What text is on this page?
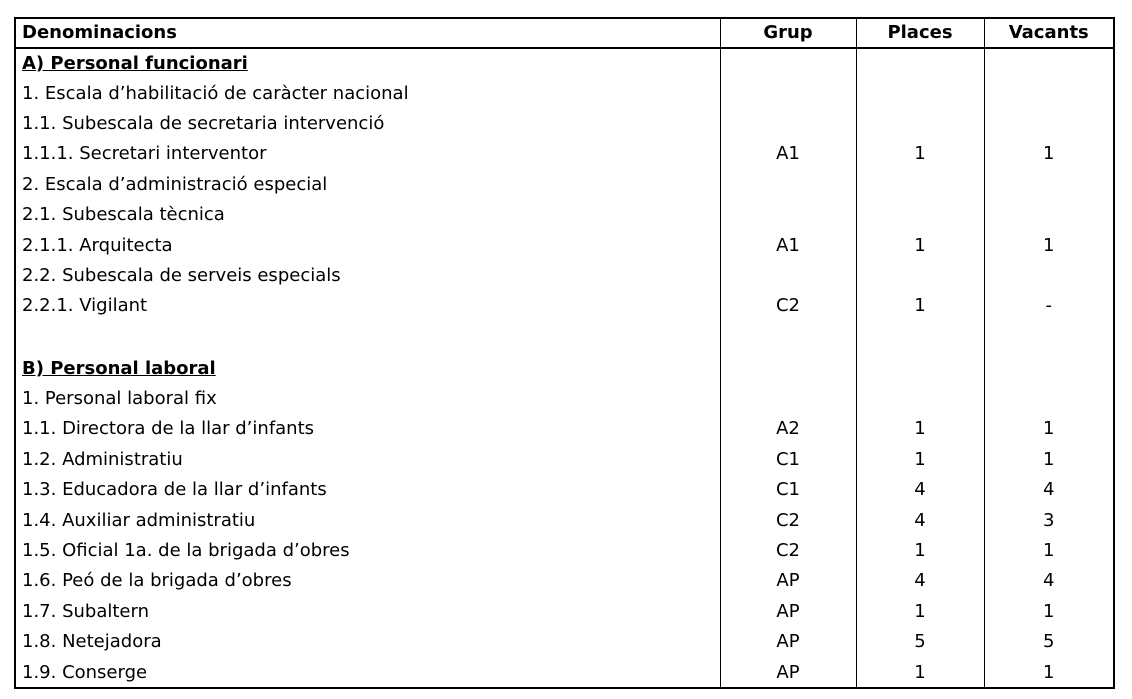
Denominacions	Grup	Places	Vacants
A) Personal funcionari			
1. Escala d’habilitació de caràcter nacional			
1.1. Subescala de secretaria intervenció			
1.1.1. Secretari interventor	A1	1	1
2. Escala d’administració especial			
2.1. Subescala tècnica			
2.1.1. Arquitecta	A1	1	1
2.2. Subescala de serveis especials			
2.2.1. Vigilant	C2	1	-

B) Personal laboral			
1. Personal laboral fix			
1.1. Directora de la llar d’infants	A2	1	1
1.2. Administratiu	C1	1	1
1.3. Educadora de la llar d’infants	C1	4	4
1.4. Auxiliar administratiu	C2	4	3
1.5. Oficial 1a. de la brigada d’obres	C2	1	1
1.6. Peó de la brigada d’obres	AP	4	4
1.7. Subaltern	AP	1	1
1.8. Netejadora	AP	5	5
1.9. Conserge	AP	1	1
